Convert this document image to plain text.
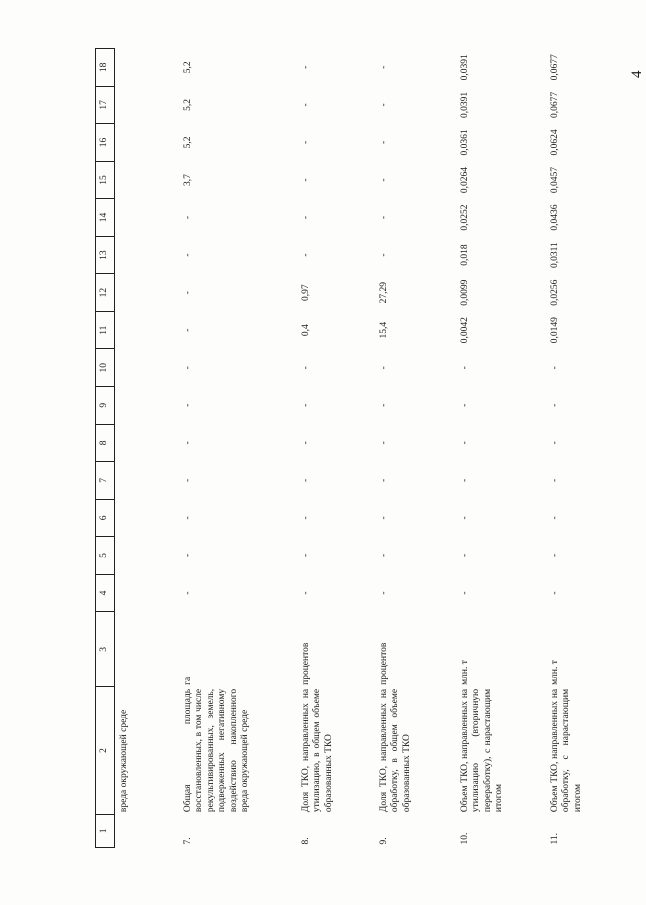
4
1	2	3	4	5	6	7	8	9	10	11	12	13	14	15	16	17	18
	вреда окружающей среде																
7.	Общая площадь восстановленных, в том числе рекультивированных, земель, подверженных негативному воздействию накопленного вреда окружающей среде	га	-	-	-	-	-	-	-	-	-	-	-	3,7	5,2	5,2	5,2
8.	Доля ТКО, направленных на утилизацию, в общем объеме образованных ТКО	процентов	-	-	-	-	-	-	-	0,4	0,97	-	-	-	-	-	-
9.	Доля ТКО, направленных на обработку, в общем объеме образованных ТКО	процентов	-	-	-	-	-	-	-	15,4	27,29	-	-	-	-	-	-
10.	Объем ТКО, направленных на утилизацию (вторичную переработку), с нарастающим итогом	млн. т	-	-	-	-	-	-	-	0,0042	0,0099	0,018	0,0252	0,0264	0,0361	0,0391	0,0391
11.	Объем ТКО, направленных на обработку, с нарастающим итогом	млн. т	-	-	-	-	-	-	-	0,0149	0,0256	0,0311	0,0436	0,0457	0,0624	0,0677	0,0677
